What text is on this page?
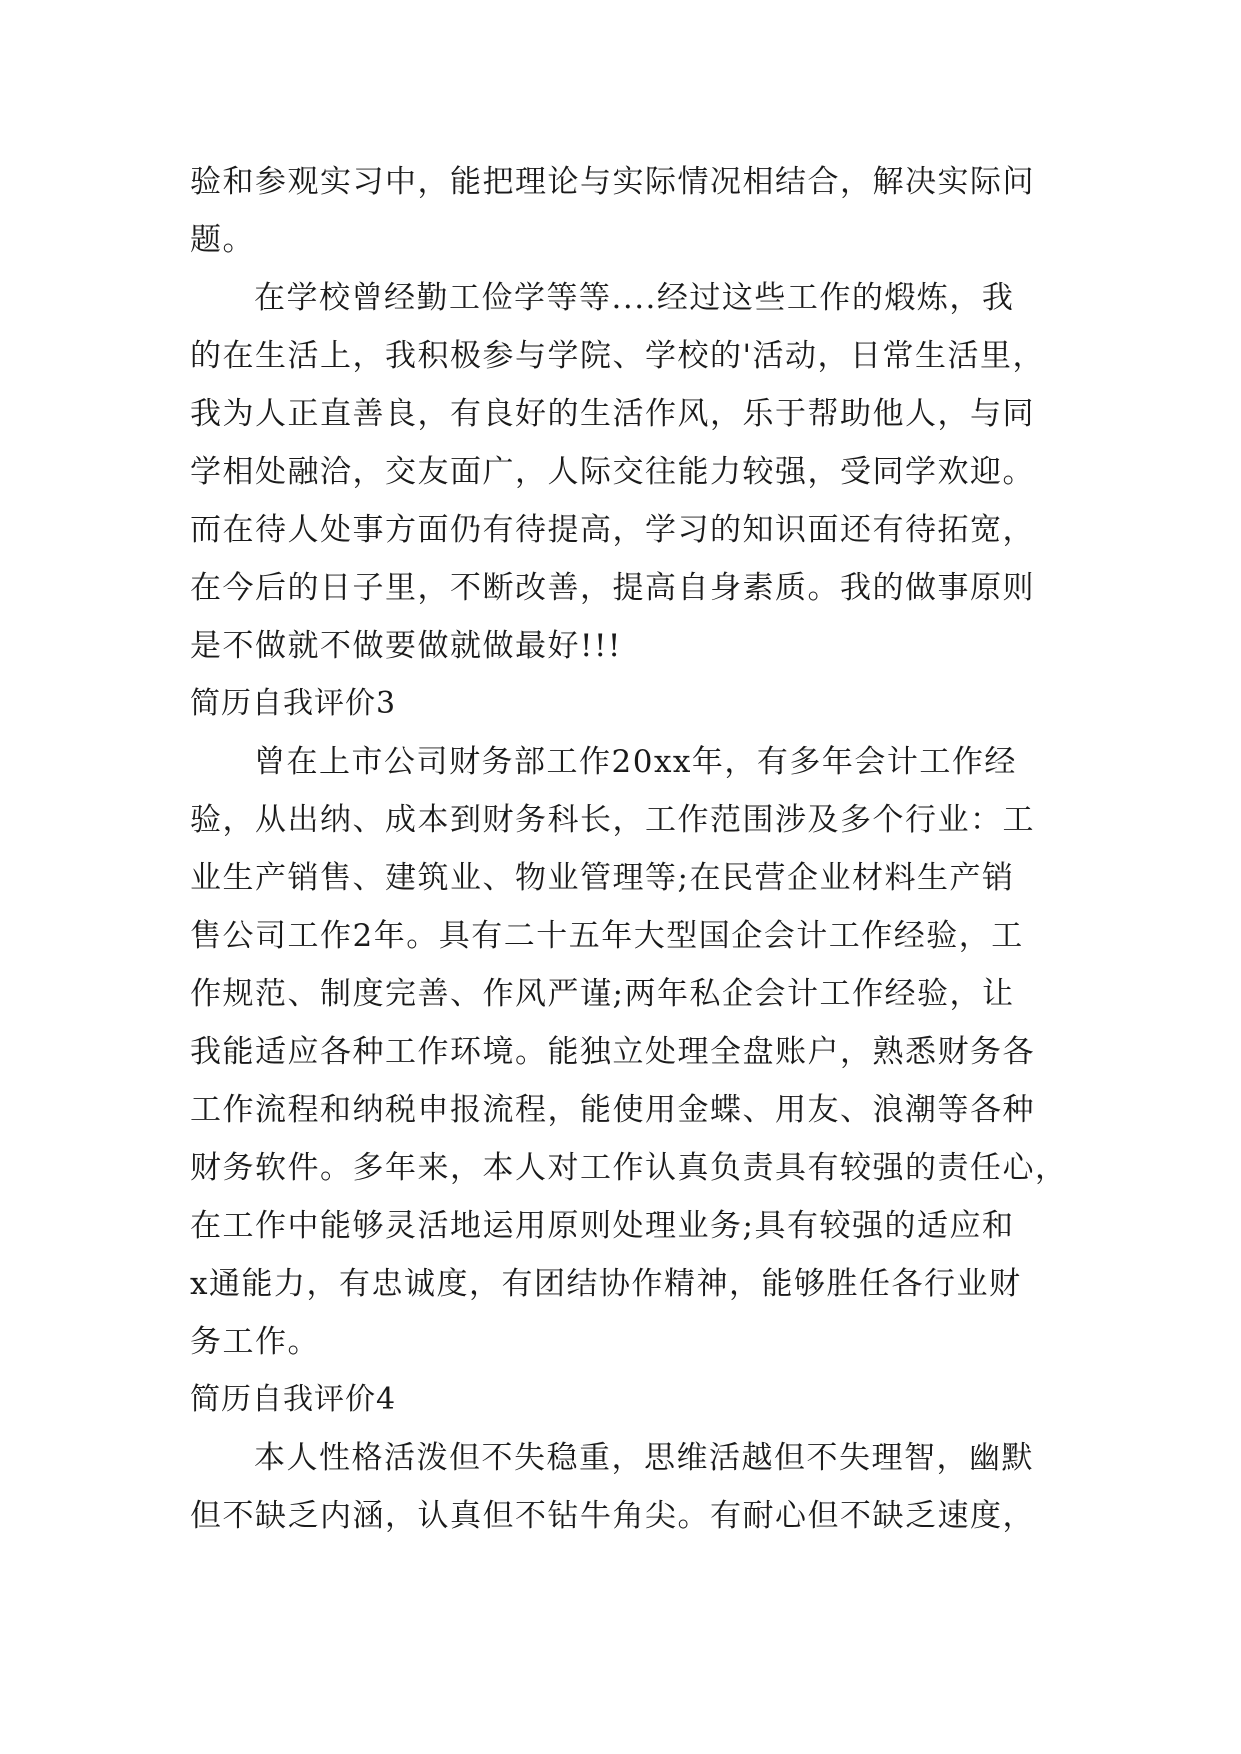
验和参观实习中，能把理论与实际情况相结合，解决实际问
题。
在学校曾经勤工俭学等等....经过这些工作的煅炼，我
的在生活上，我积极参与学院、学校的'活动，日常生活里，
我为人正直善良，有良好的生活作风，乐于帮助他人，与同
学相处融洽，交友面广，人际交往能力较强，受同学欢迎。
而在待人处事方面仍有待提高，学习的知识面还有待拓宽，
在今后的日子里，不断改善，提高自身素质。我的做事原则
是不做就不做要做就做最好!!!
简历自我评价3
曾在上市公司财务部工作20xx年，有多年会计工作经
验，从出纳、成本到财务科长，工作范围涉及多个行业：工
业生产销售、建筑业、物业管理等;在民营企业材料生产销
售公司工作2年。具有二十五年大型国企会计工作经验，工
作规范、制度完善、作风严谨;两年私企会计工作经验，让
我能适应各种工作环境。能独立处理全盘账户，熟悉财务各
工作流程和纳税申报流程，能使用金蝶、用友、浪潮等各种
财务软件。多年来，本人对工作认真负责具有较强的责任心，
在工作中能够灵活地运用原则处理业务;具有较强的适应和
x通能力，有忠诚度，有团结协作精神，能够胜任各行业财
务工作。
简历自我评价4
本人性格活泼但不失稳重，思维活越但不失理智，幽默
但不缺乏内涵，认真但不钻牛角尖。有耐心但不缺乏速度，
